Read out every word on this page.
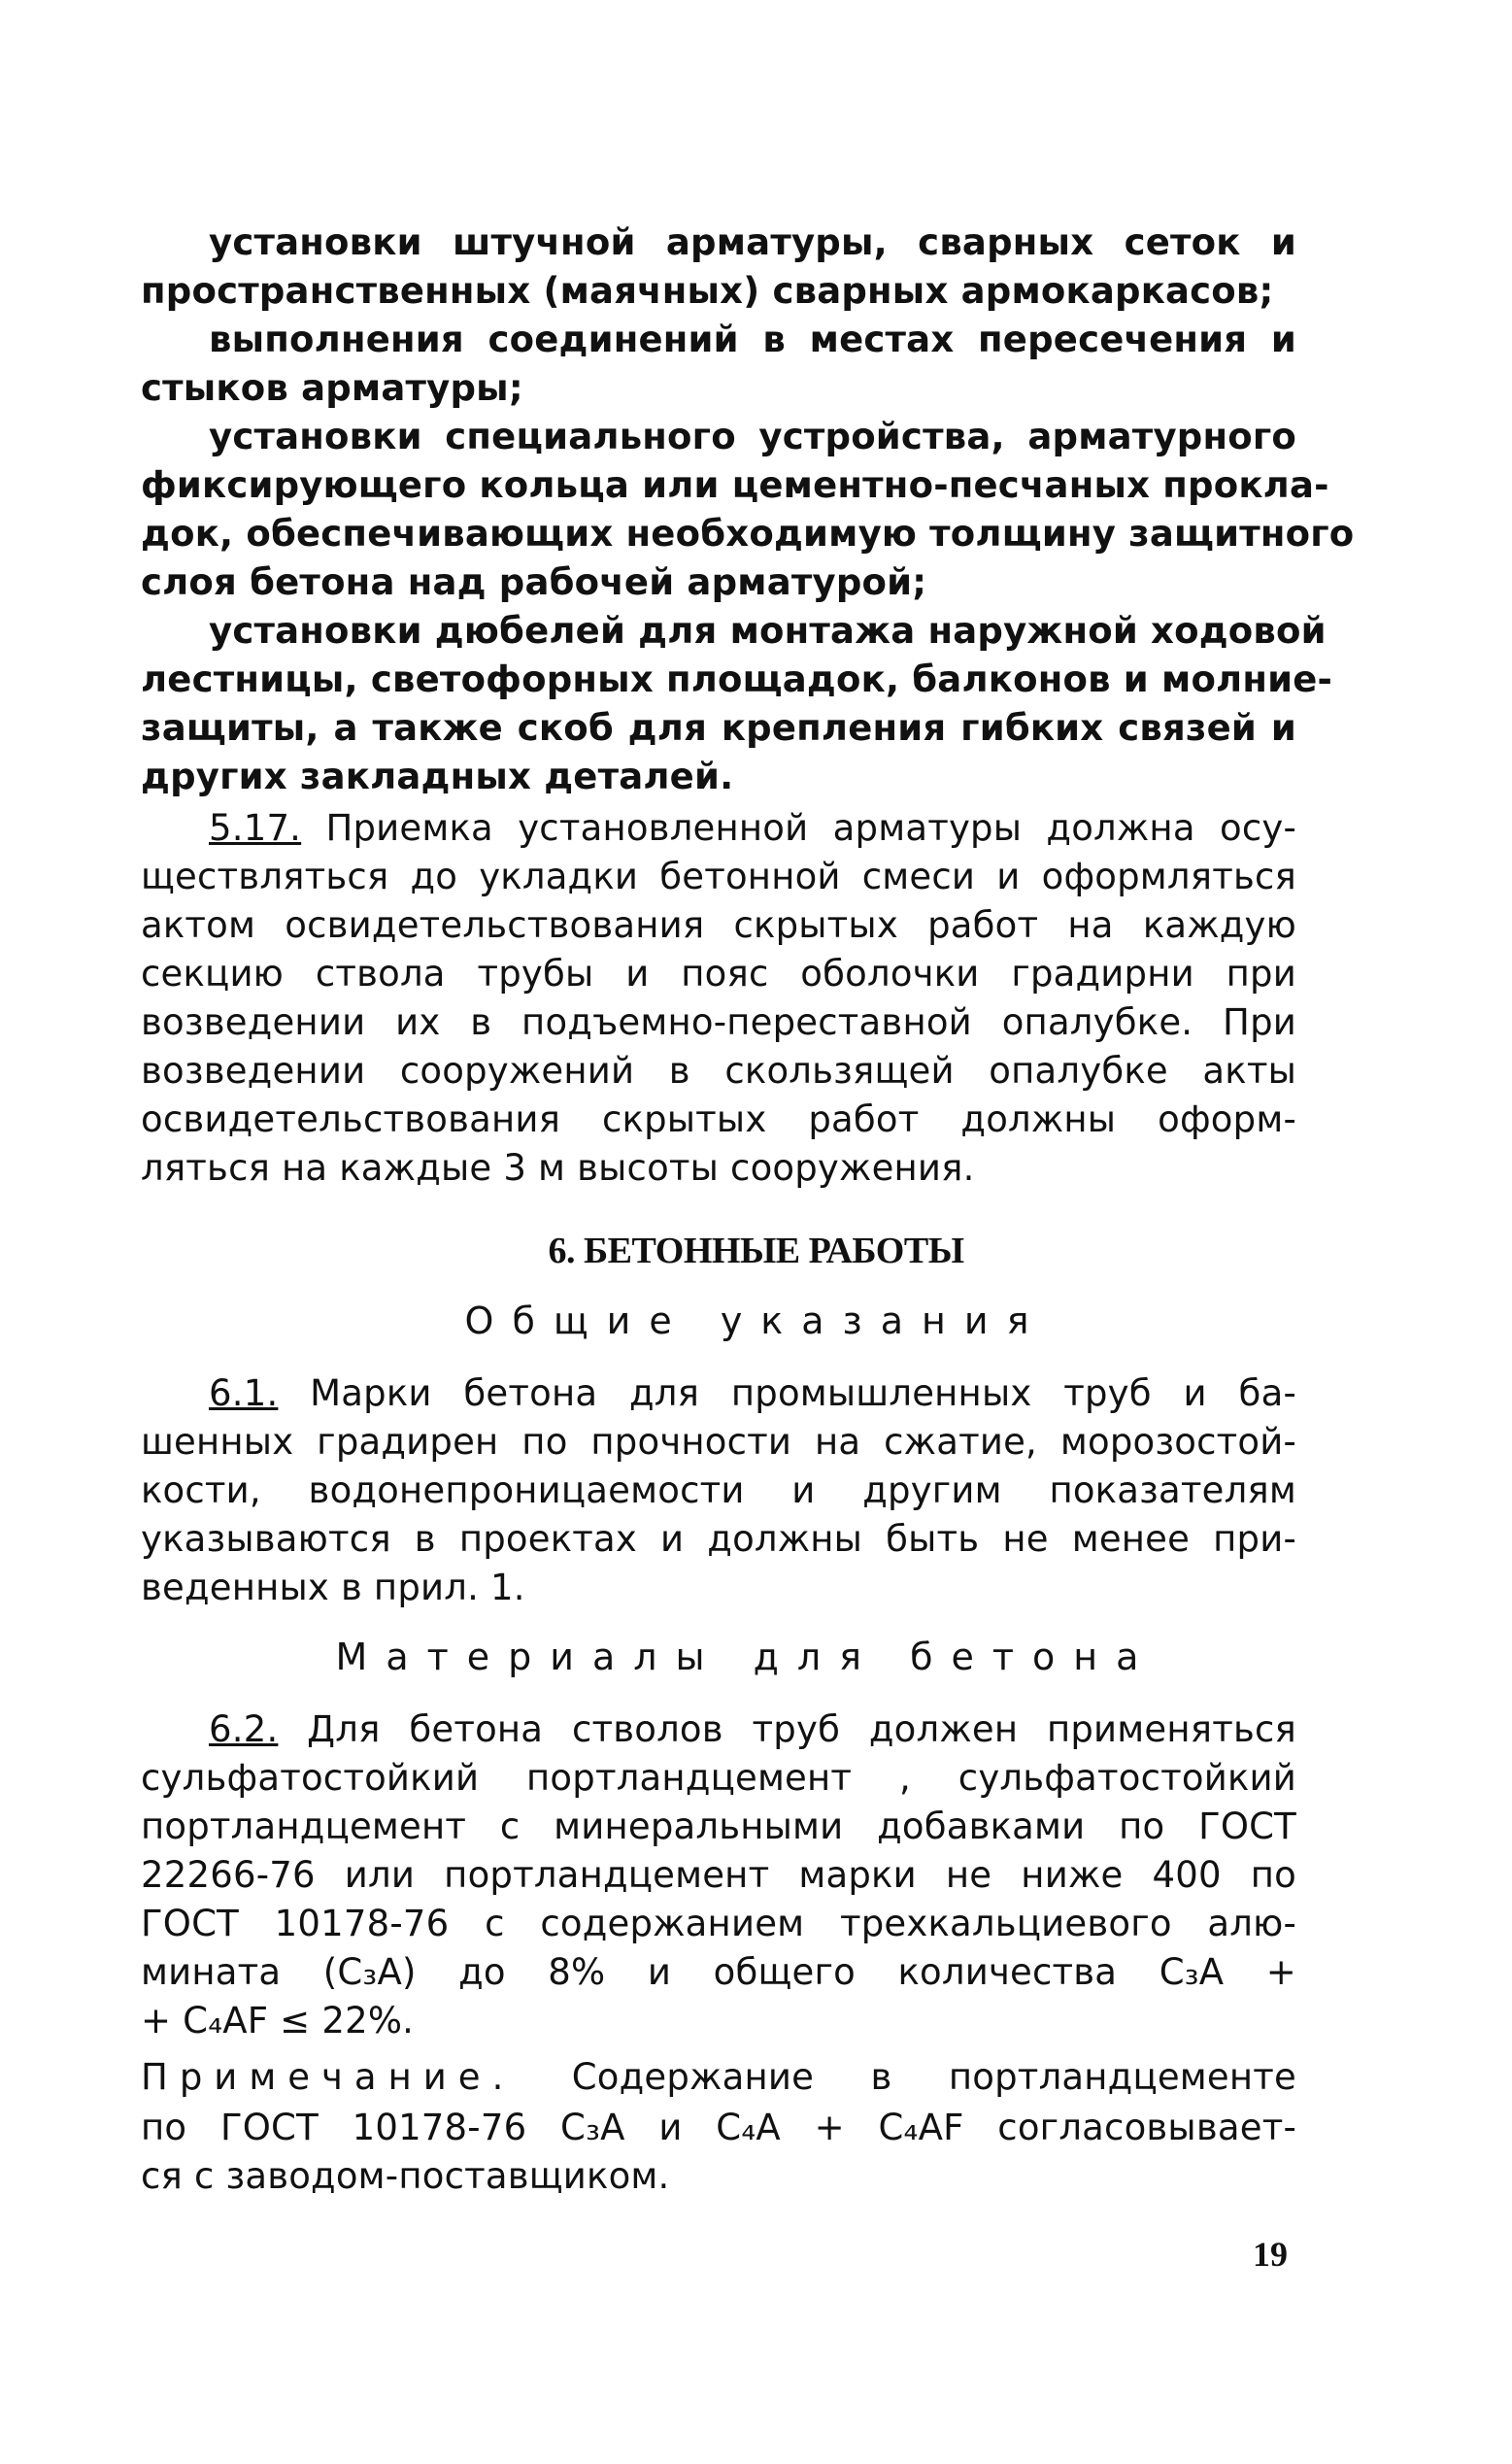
установки штучной арматуры, сварных сеток и
пространственных (маячных) сварных армокаркасов;
выполнения соединений в местах пересечения и
стыков арматуры;
установки специального устройства, арматурного
фиксирующего кольца или цементно-песчаных прокла-
док, обеспечивающих необходимую толщину защитного
слоя бетона над рабочей арматурой;
установки дюбелей для монтажа наружной ходовой
лестницы, светофорных площадок, балконов и молние-
защиты, а также скоб для крепления гибких связей и
других закладных деталей.
5.17. Приемка установленной арматуры должна осу-
ществляться до укладки бетонной смеси и оформляться
актом освидетельствования скрытых работ на каждую
секцию ствола трубы и пояс оболочки градирни при
возведении их в подъемно-переставной опалубке. При
возведении сооружений в скользящей опалубке акты
освидетельствования скрытых работ должны оформ-
ляться на каждые 3 м высоты сооружения.
6. БЕТОННЫЕ РАБОТЫ
Общие указания
6.1. Марки бетона для промышленных труб и ба-
шенных градирен по прочности на сжатие, морозостой-
кости, водонепроницаемости и другим показателям
указываются в проектах и должны быть не менее при-
веденных в прил. 1.
Материалы для бетона
6.2. Для бетона стволов труб должен применяться
сульфатостойкий портландцемент , сульфатостойкий
портландцемент с минеральными добавками по ГОСТ
22266-76 или портландцемент марки не ниже 400 по
ГОСТ 10178-76 с содержанием трехкальциевого алю-
мината (C₃A) до 8% и общего количества C₃A +
+ C₄AF ≤ 22%.
Примечание. Содержание в портландцементе
по ГОСТ 10178-76 C₃A и C₄A + C₄AF согласовывает-
ся с заводом-поставщиком.
19
